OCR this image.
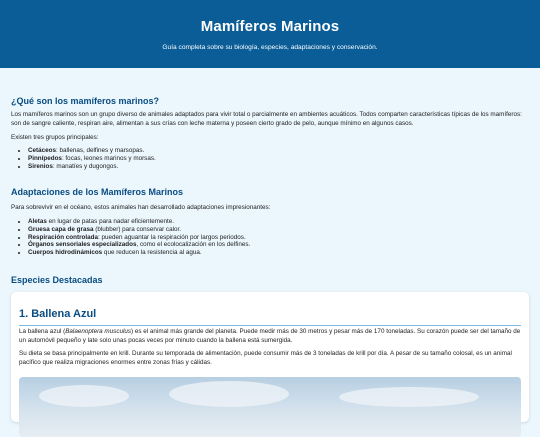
Mamíferos Marinos

Guía completa sobre su biología, especies, adaptaciones y conservación.

¿Qué son los mamíferos marinos?

Los mamíferos marinos son un grupo diverso de animales adaptados para vivir total o parcialmente en ambientes acuáticos. Todos comparten características típicas de los mamíferos: son de sangre caliente, respiran aire, alimentan a sus crías con leche materna y poseen cierto grado de pelo, aunque mínimo en algunos casos.

Existen tres grupos principales:

• Cetáceos: ballenas, delfines y marsopas.
• Pinnípedos: focas, leones marinos y morsas.
• Sirenios: manatíes y dugongos.
Adaptaciones de los Mamíferos Marinos

Para sobrevivir en el océano, estos animales han desarrollado adaptaciones impresionantes:

• Aletas en lugar de patas para nadar eficientemente.
• Gruesa capa de grasa (blubber) para conservar calor.
• Respiración controlada: pueden aguantar la respiración por largos periodos.
• Órganos sensoriales especializados, como el ecolocalización en los delfines.
• Cuerpos hidrodinámicos que reducen la resistencia al agua.
Especies Destacadas
1. Ballena Azul

La ballena azul (Balaenoptera musculus) es el animal más grande del planeta. Puede medir más de 30 metros y pesar más de 170 toneladas. Su corazón puede ser del tamaño de un automóvil pequeño y late solo unas pocas veces por minuto cuando la ballena está sumergida.

Su dieta se basa principalmente en krill. Durante su temporada de alimentación, puede consumir más de 3 toneladas de krill por día. A pesar de su tamaño colosal, es un animal pacífico que realiza migraciones enormes entre zonas frías y cálidas.
